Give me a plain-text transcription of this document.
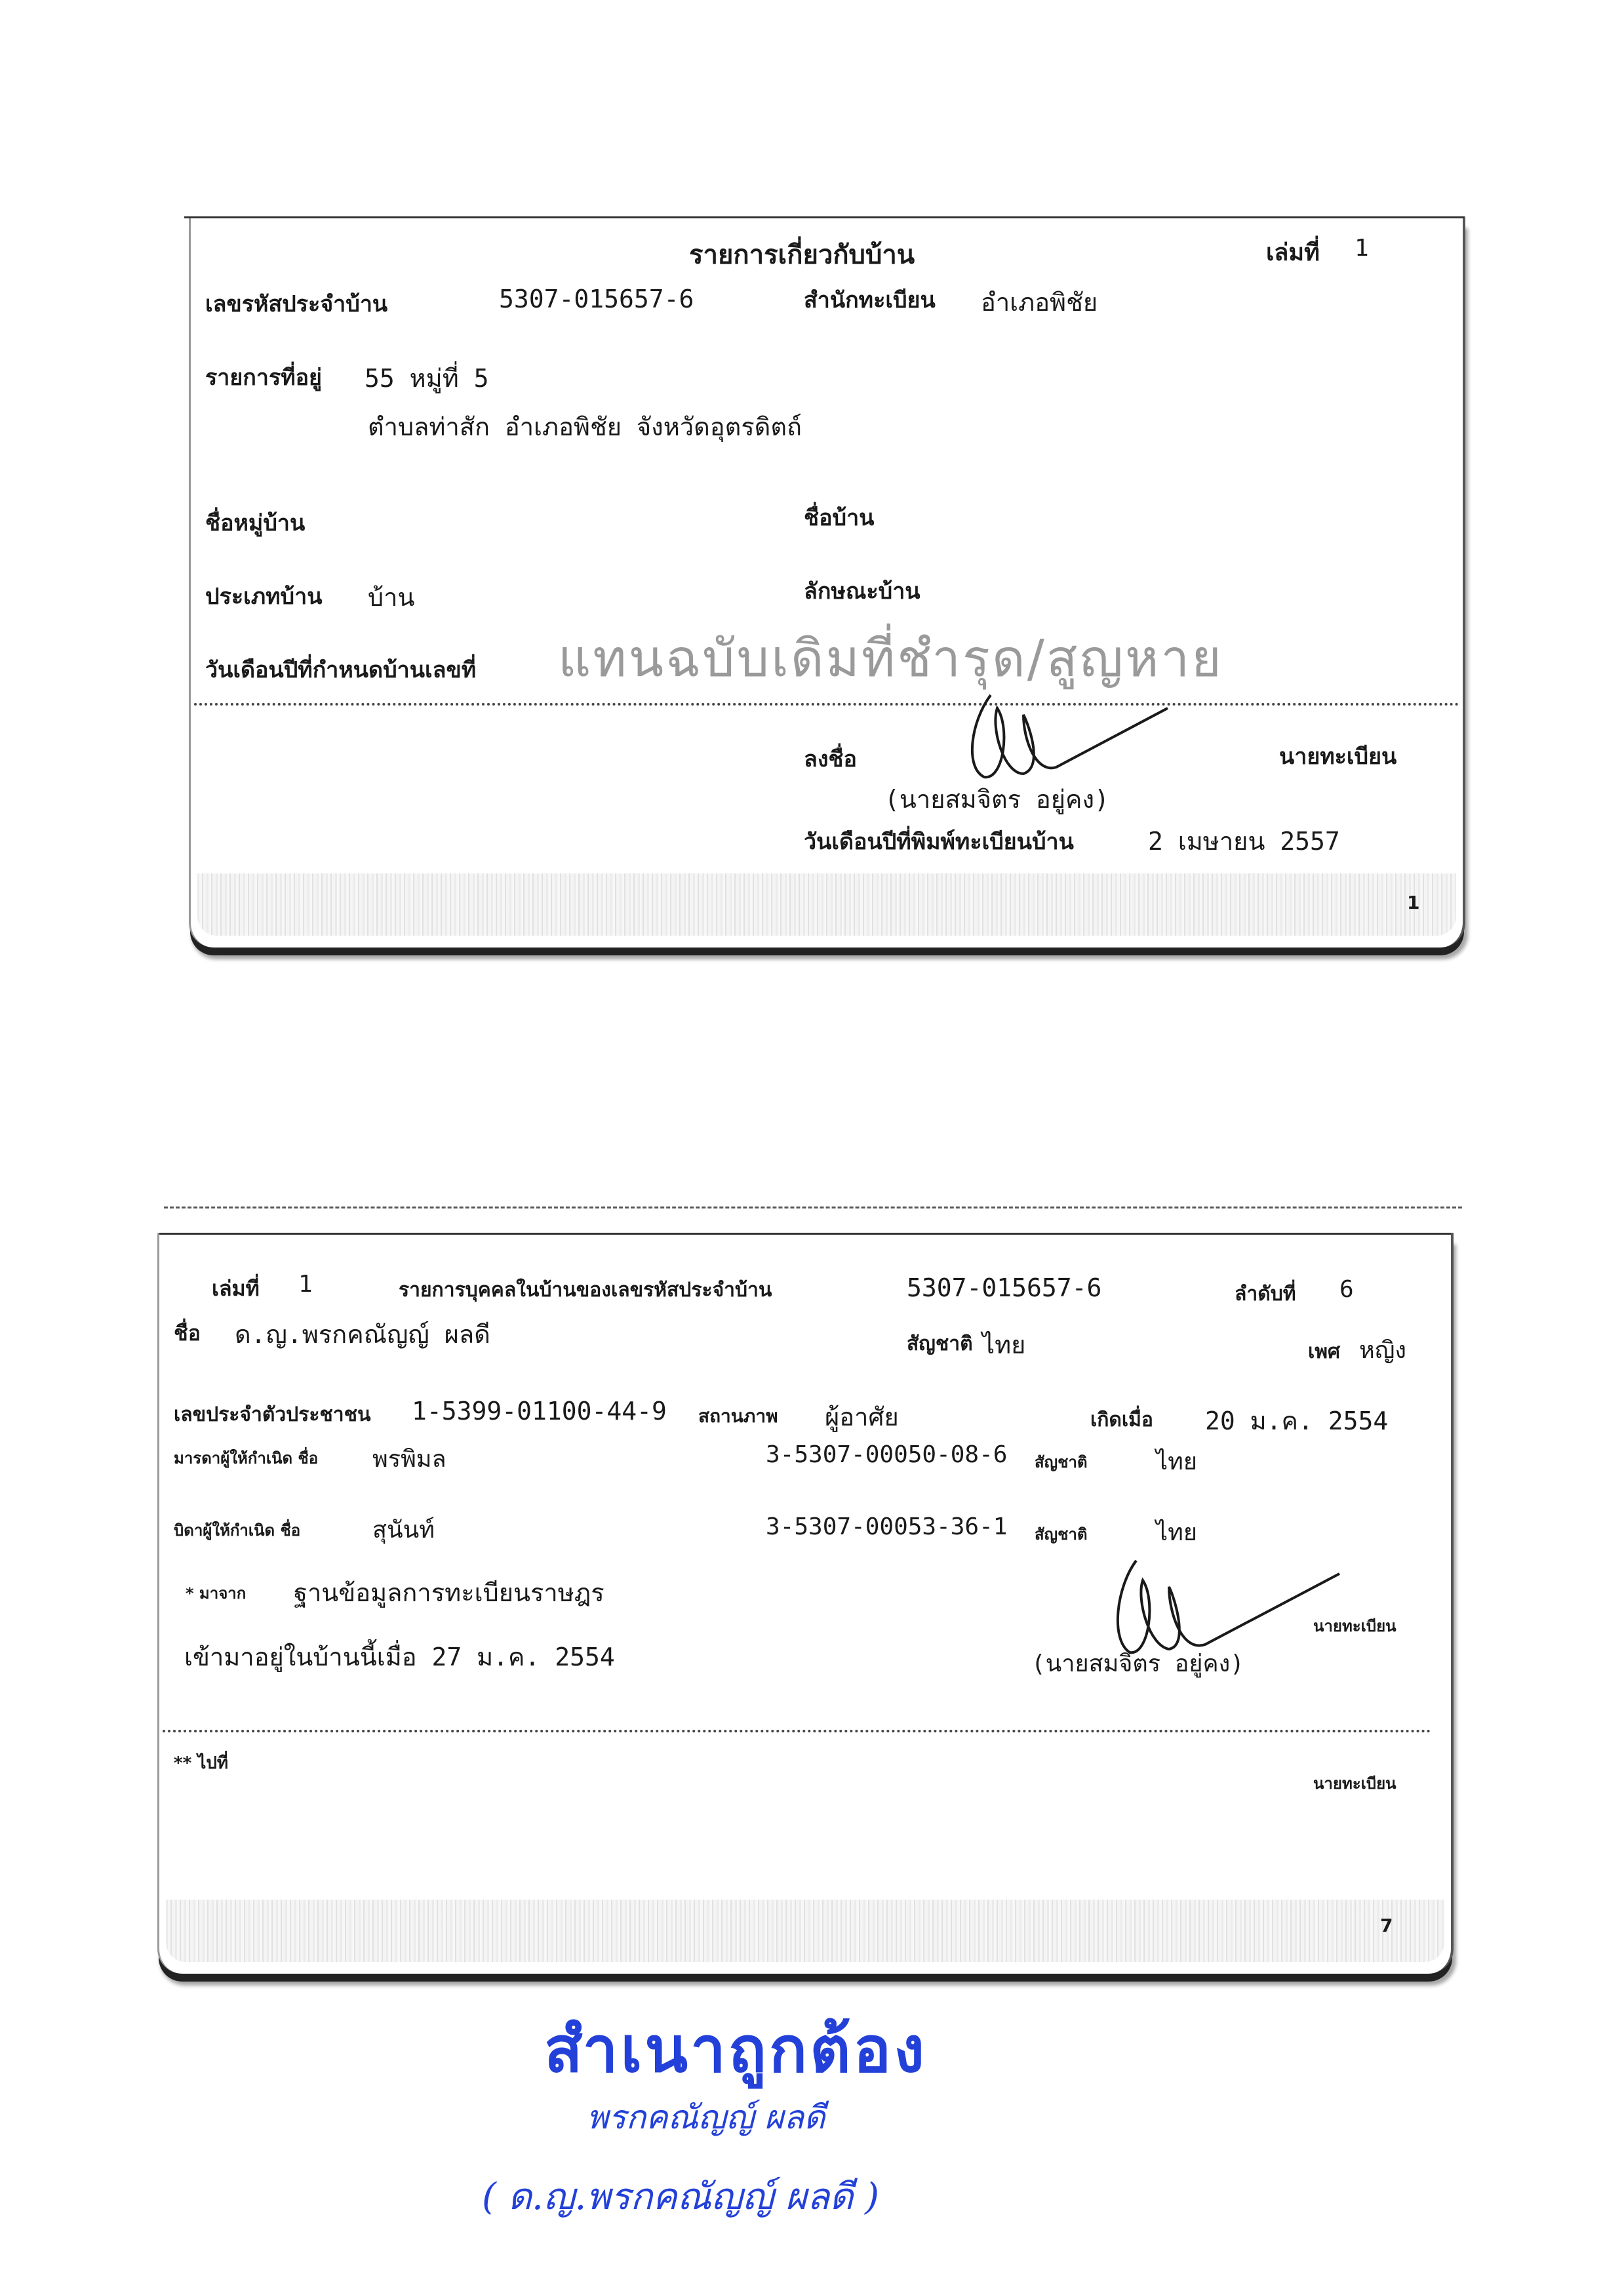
รายการเกี่ยวกับบ้าน	เล่มที่ 1
เลขรหัสประจำบ้าน	5307-015657-6	สำนักทะเบียน อำเภอพิชัย
รายการที่อยู่ 55 หมู่ที่ 5
ตำบลท่าสัก อำเภอพิชัย จังหวัดอุตรดิตถ์
ชื่อหมู่บ้าน	ชื่อบ้าน
ประเภทบ้าน บ้าน	ลักษณะบ้าน
วันเดือนปีที่กำหนดบ้านเลขที่ แทนฉบับเดิมที่ชำรุด/สูญหาย
ลงชื่อ	นายทะเบียน
(นายสมจิตร อยู่คง)
วันเดือนปีที่พิมพ์ทะเบียนบ้าน	2 เมษายน 2557
1
เล่มที่ 1	รายการบุคคลในบ้านของเลขรหัสประจำบ้าน	5307-015657-6	ลำดับที่ 6
ชื่อ ด.ญ.พรกคณัญญ์ ผลดี	สัญชาติ ไทย	เพศ หญิง
เลขประจำตัวประชาชน 1-5399-01100-44-9 สถานภาพ ผู้อาศัย	เกิดเมื่อ 20 ม.ค. 2554
มารดาผู้ให้กำเนิด ชื่อ พรพิมล	3-5307-00050-08-6 สัญชาติ	ไทย
บิดาผู้ให้กำเนิด ชื่อ	สุนันท์	3-5307-00053-36-1 สัญชาติ	ไทย
* มาจาก ฐานข้อมูลการทะเบียนราษฎร
นายทะเบียน
เข้ามาอยู่ในบ้านนี้เมื่อ 27 ม.ค. 2554	(นายสมจิตร อยู่คง)
** ไปที่
นายทะเบียน
7
สำเนาถูกต้อง
พรกคณัญญ์ ผลดี
( ด.ญ.พรกคณัญญ์ ผลดี )
